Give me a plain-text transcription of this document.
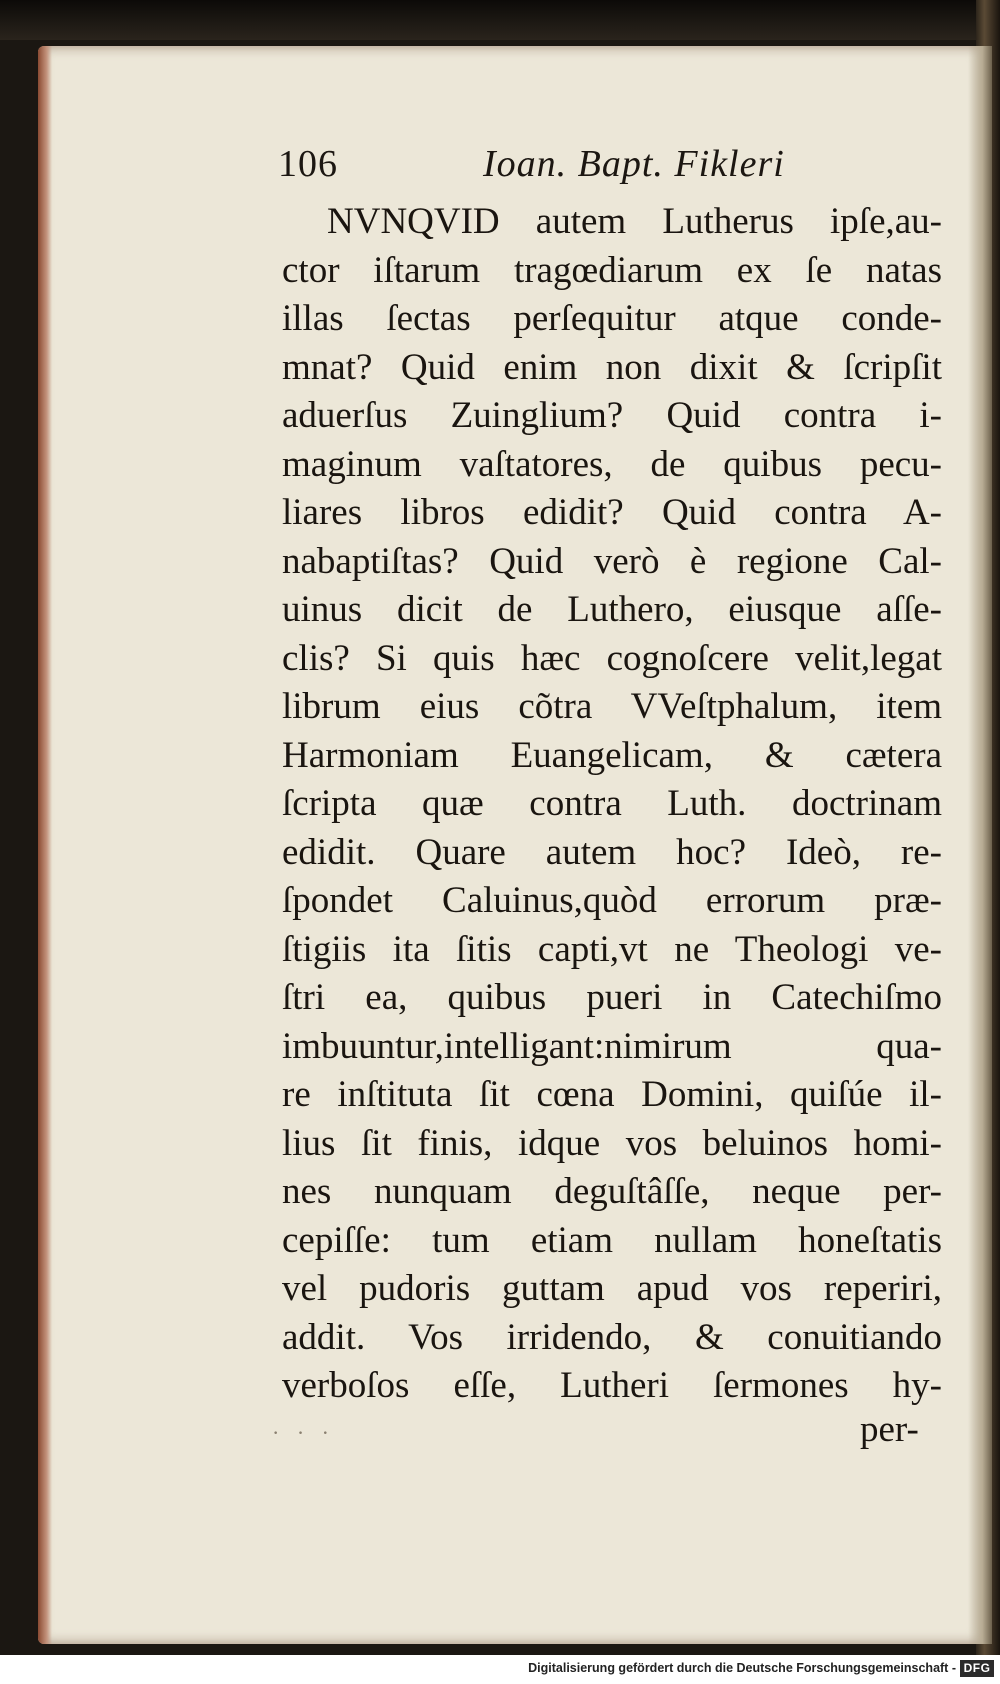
106	Ioan. Bapt. Fikleri
NVNQVID autem Lutherus ipſe,au-
ctor iſtarum tragœdiarum ex ſe natas
illas ſectas perſequitur atque conde-
mnat? Quid enim non dixit & ſcripſit
aduerſus Zuinglium? Quid contra i-
maginum vaſtatores, de quibus pecu-
liares libros edidit? Quid contra A-
nabaptiſtas? Quid verò è regione Cal-
uinus dicit de Luthero, eiusque aſſe-
clis? Si quis hæc cognoſcere velit,legat
librum eius cõtra VVeſtphalum, item
Harmoniam Euangelicam, & cætera
ſcripta quæ contra Luth. doctrinam
edidit. Quare autem hoc? Ideò, re-
ſpondet Caluinus,quòd errorum præ-
ſtigiis ita ſitis capti,vt ne Theologi ve-
ſtri ea, quibus pueri in Catechiſmo
imbuuntur,intelligant:nimirum qua-
re inſtituta ſit cœna Domini, quiſúe il-
lius ſit finis, idque vos beluinos homi-
nes nunquam deguſtâſſe, neque per-
cepiſſe: tum etiam nullam honeſtatis
vel pudoris guttam apud vos reperiri,
addit. Vos irridendo, & conuitiando
verboſos eſſe, Lutheri ſermones hy-
· · ·	per-
Digitalisierung gefördert durch die Deutsche Forschungsgemeinschaft - DFG
